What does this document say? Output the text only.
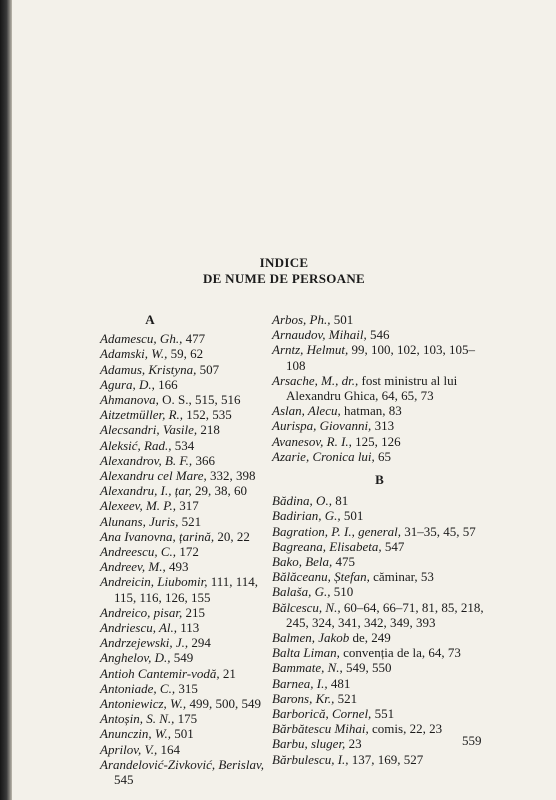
INDICE
DE NUME DE PERSOANE
A
Adamescu, Gh., 477
Adamski, W., 59, 62
Adamus, Kristyna, 507
Agura, D., 166
Ahmanova, O. S., 515, 516
Aitzetmüller, R., 152, 535
Alecsandri, Vasile, 218
Aleksić, Rad., 534
Alexandrov, B. F., 366
Alexandru cel Mare, 332, 398
Alexandru, I., țar, 29, 38, 60
Alexeev, M. P., 317
Alunans, Juris, 521
Ana Ivanovna, țarină, 20, 22
Andreescu, C., 172
Andreev, M., 493
Andreicin, Liubomir, 111, 114, 115, 116, 126, 155
Andreico, pisar, 215
Andriescu, Al., 113
Andrzejewski, J., 294
Anghelov, D., 549
Antioh Cantemir-vodă, 21
Antoniade, C., 315
Antoniewicz, W., 499, 500, 549
Antoșin, S. N., 175
Anunczin, W., 501
Aprilov, V., 164
Arandelović-Zivković, Berislav, 545
Arbos, Ph., 501
Arnaudov, Mihail, 546
Arntz, Helmut, 99, 100, 102, 103, 105–108
Arsache, M., dr., fost ministru al lui Alexandru Ghica, 64, 65, 73
Aslan, Alecu, hatman, 83
Aurispa, Giovanni, 313
Avanesov, R. I., 125, 126
Azarie, Cronica lui, 65
B
Bădina, O., 81
Badirian, G., 501
Bagration, P. I., general, 31–35, 45, 57
Bagreana, Elisabeta, 547
Bako, Bela, 475
Bălăceanu, Ștefan, căminar, 53
Balaša, G., 510
Bălcescu, N., 60–64, 66–71, 81, 85, 218, 245, 324, 341, 342, 349, 393
Balmen, Jakob de, 249
Balta Liman, convenția de la, 64, 73
Bammate, N., 549, 550
Barnea, I., 481
Barons, Kr., 521
Barborică, Cornel, 551
Bărbătescu Mihai, comis, 22, 23
Barbu, sluger, 23
Bărbulescu, I., 137, 169, 527
559
